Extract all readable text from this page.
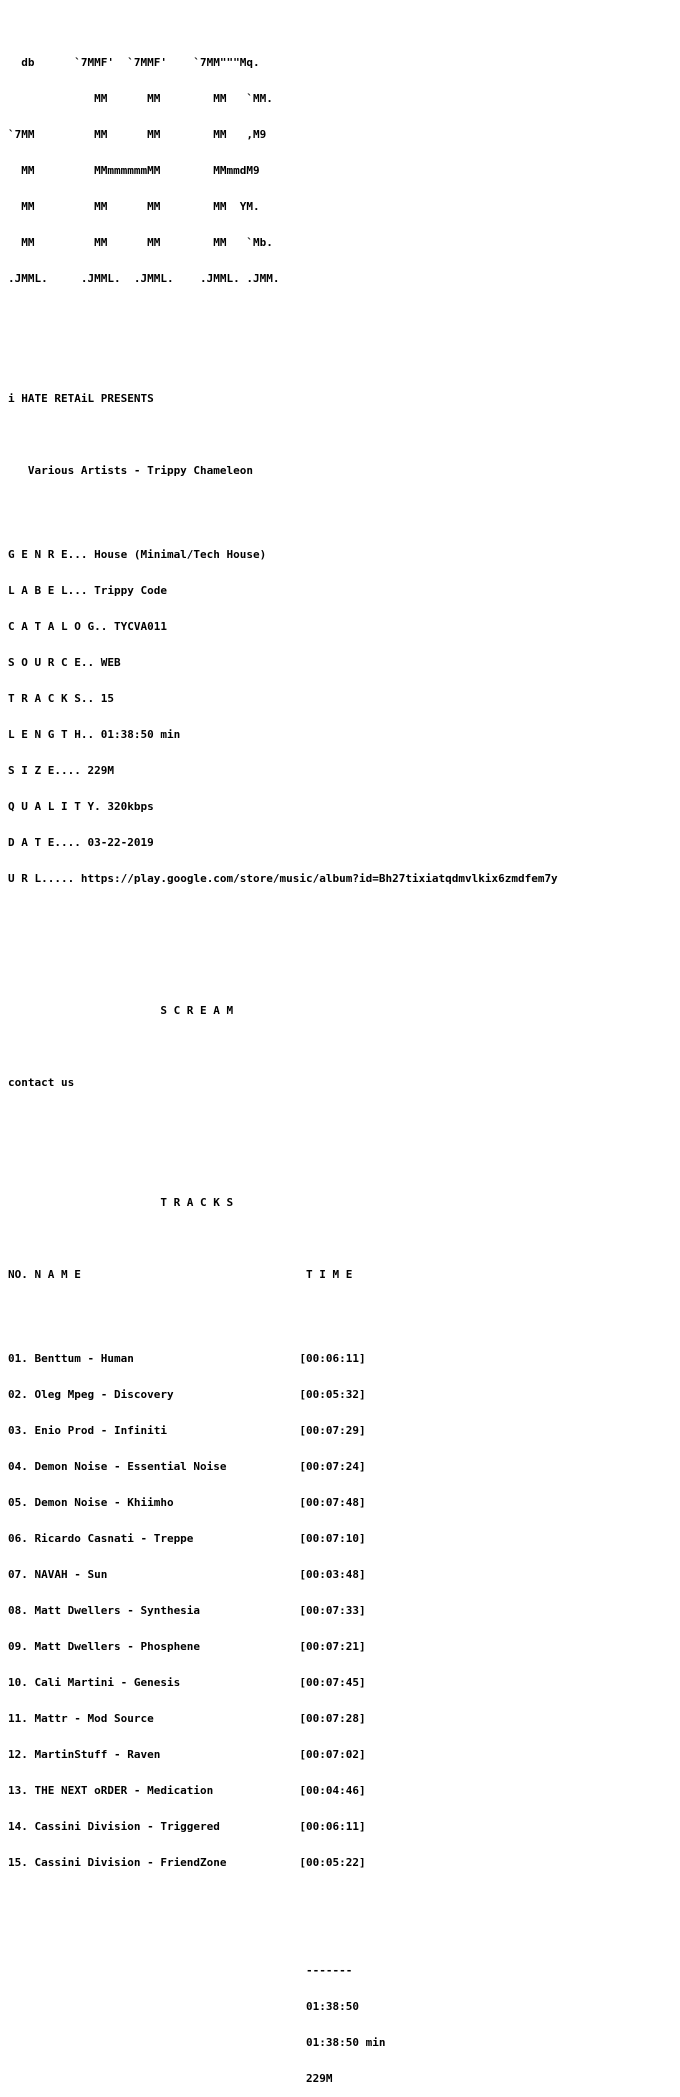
db      `7MMF'  `7MMF'    `7MM"""Mq.

MM      MM        MM   `MM.

`7MM         MM      MM        MM   ,M9

MM         MMmmmmmmMM        MMmmdM9

MM         MM      MM        MM  YM.

MM         MM      MM        MM   `Mb.

.JMML.     .JMML.  .JMML.    .JMML. .JMM.

i HATE RETAiL PRESENTS

Various Artists - Trippy Chameleon

G E N R E... House (Minimal/Tech House)

L A B E L... Trippy Code

C A T A L O G.. TYCVA011

S O U R C E.. WEB

T R A C K S.. 15

L E N G T H.. 01:38:50 min

S I Z E.... 229M

Q U A L I T Y. 320kbps

D A T E.... 03-22-2019

U R L..... https://play.google.com/store/music/album?id=Bh27tixiatqdmvlkix6zmdfem7y

S C R E A M

contact us

T R A C K S

NO. N A M E                                  T I M E

01. Benttum - Human                         [00:06:11]

02. Oleg Mpeg - Discovery                   [00:05:32]

03. Enio Prod - Infiniti                    [00:07:29]

04. Demon Noise - Essential Noise           [00:07:24]

05. Demon Noise - Khiimho                   [00:07:48]

06. Ricardo Casnati - Treppe                [00:07:10]

07. NAVAH - Sun                             [00:03:48]

08. Matt Dwellers - Synthesia               [00:07:33]

09. Matt Dwellers - Phosphene               [00:07:21]

10. Cali Martini - Genesis                  [00:07:45]

11. Mattr - Mod Source                      [00:07:28]

12. MartinStuff - Raven                     [00:07:02]

13. THE NEXT oRDER - Medication             [00:04:46]

14. Cassini Division - Triggered            [00:06:11]

15. Cassini Division - FriendZone           [00:05:22]

-------

01:38:50

01:38:50 min

229M
